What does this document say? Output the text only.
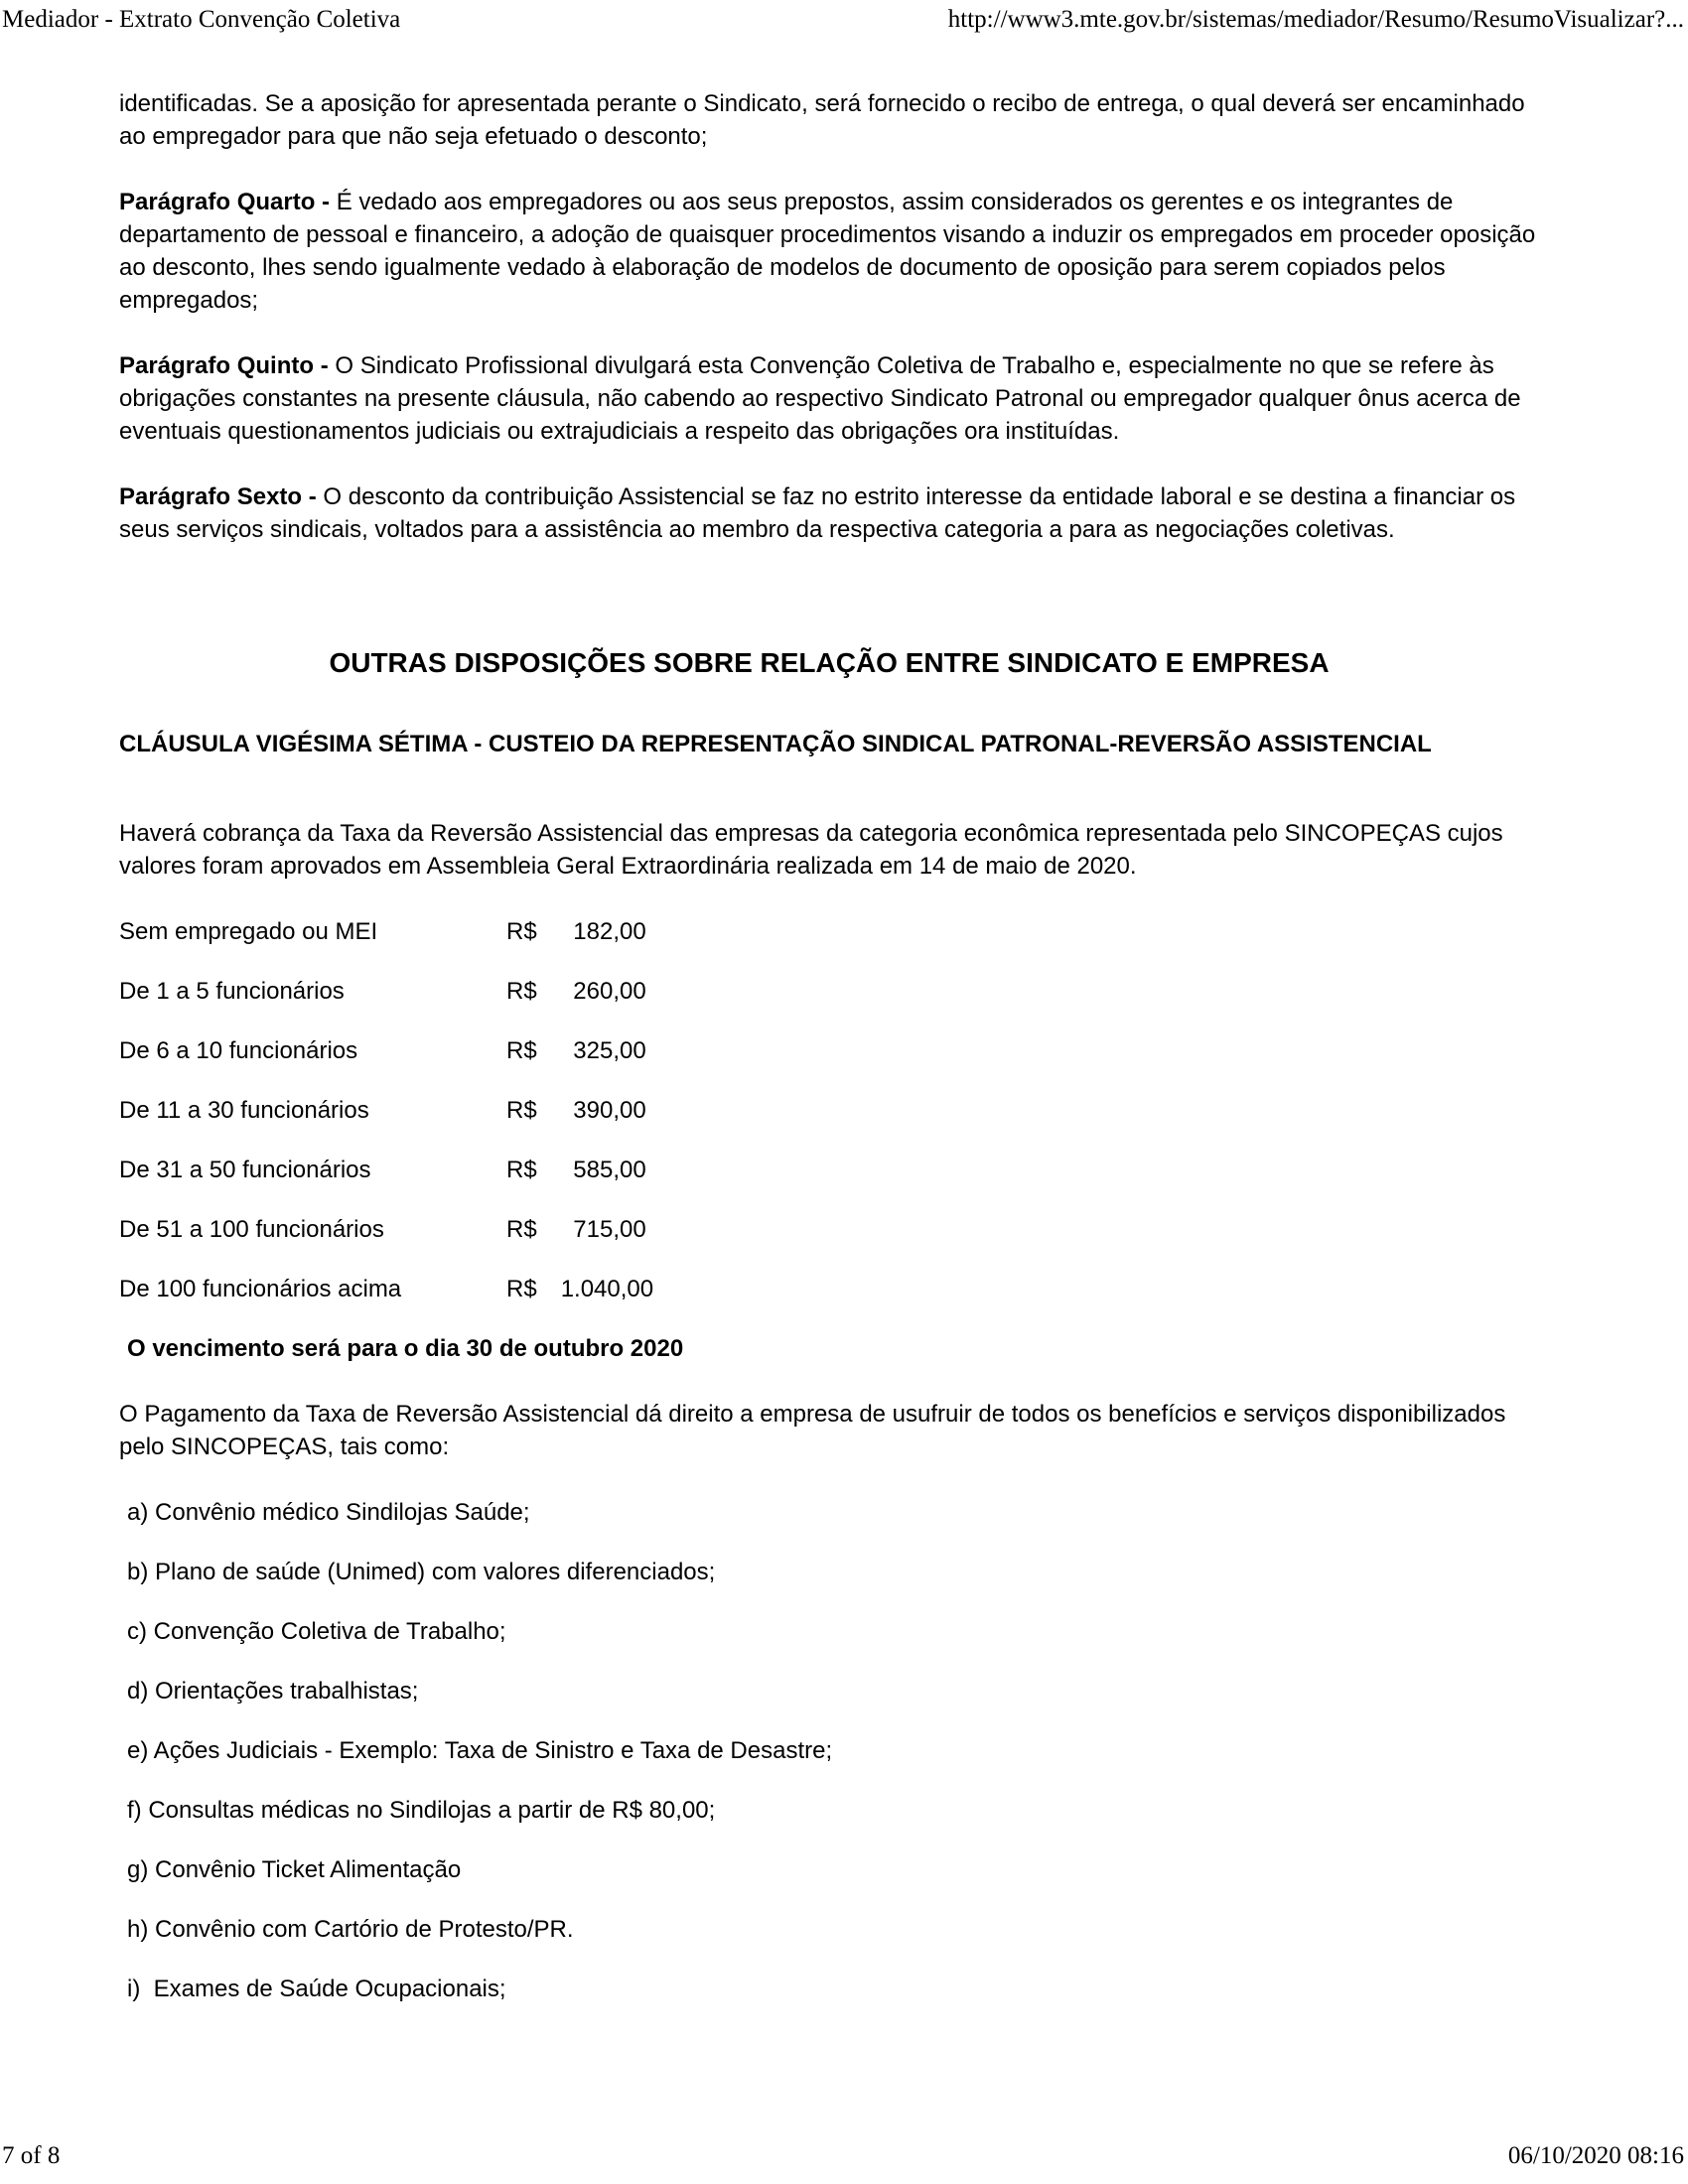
Mediador - Extrato Convenção Coletiva	http://www3.mte.gov.br/sistemas/mediador/Resumo/ResumoVisualizar?...

identificadas. Se a aposição for apresentada perante o Sindicato, será fornecido o recibo de entrega, o qual deverá ser encaminhado ao empregador para que não seja efetuado o desconto;

Parágrafo Quarto - É vedado aos empregadores ou aos seus prepostos, assim considerados os gerentes e os integrantes de departamento de pessoal e financeiro, a adoção de quaisquer procedimentos visando a induzir os empregados em proceder oposição ao desconto, lhes sendo igualmente vedado à elaboração de modelos de documento de oposição para serem copiados pelos empregados;

Parágrafo Quinto - O Sindicato Profissional divulgará esta Convenção Coletiva de Trabalho e, especialmente no que se refere às obrigações constantes na presente cláusula, não cabendo ao respectivo Sindicato Patronal ou empregador qualquer ônus acerca de eventuais questionamentos judiciais ou extrajudiciais a respeito das obrigações ora instituídas.

Parágrafo Sexto - O desconto da contribuição Assistencial se faz no estrito interesse da entidade laboral e se destina a financiar os seus serviços sindicais, voltados para a assistência ao membro da respectiva categoria a para as negociações coletivas.

OUTRAS DISPOSIÇÕES SOBRE RELAÇÃO ENTRE SINDICATO E EMPRESA
CLÁUSULA VIGÉSIMA SÉTIMA - CUSTEIO DA REPRESENTAÇÃO SINDICAL PATRONAL-REVERSÃO ASSISTENCIAL

Haverá cobrança da Taxa da Reversão Assistencial das empresas da categoria econômica representada pelo SINCOPEÇAS cujos valores foram aprovados em Assembleia Geral Extraordinária realizada em 14 de maio de 2020.

Sem empregado ou MEI	R$	182,00
De 1 a 5 funcionários	R$	260,00
De 6 a 10 funcionários	R$	325,00
De 11 a 30 funcionários	R$	390,00
De 31 a 50 funcionários	R$	585,00
De 51 a 100 funcionários	R$	715,00
De 100 funcionários acima	R$ 1.040,00

O vencimento será para o dia 30 de outubro 2020

O Pagamento da Taxa de Reversão Assistencial dá direito a empresa de usufruir de todos os benefícios e serviços disponibilizados pelo SINCOPEÇAS, tais como:

a) Convênio médico Sindilojas Saúde;

b) Plano de saúde (Unimed) com valores diferenciados;

c) Convenção Coletiva de Trabalho;

d) Orientações trabalhistas;

e) Ações Judiciais - Exemplo: Taxa de Sinistro e Taxa de Desastre;

f) Consultas médicas no Sindilojas a partir de R$ 80,00;

g) Convênio Ticket Alimentação

h) Convênio com Cartório de Protesto/PR.

i)  Exames de Saúde Ocupacionais;

7 of 8	06/10/2020 08:16
